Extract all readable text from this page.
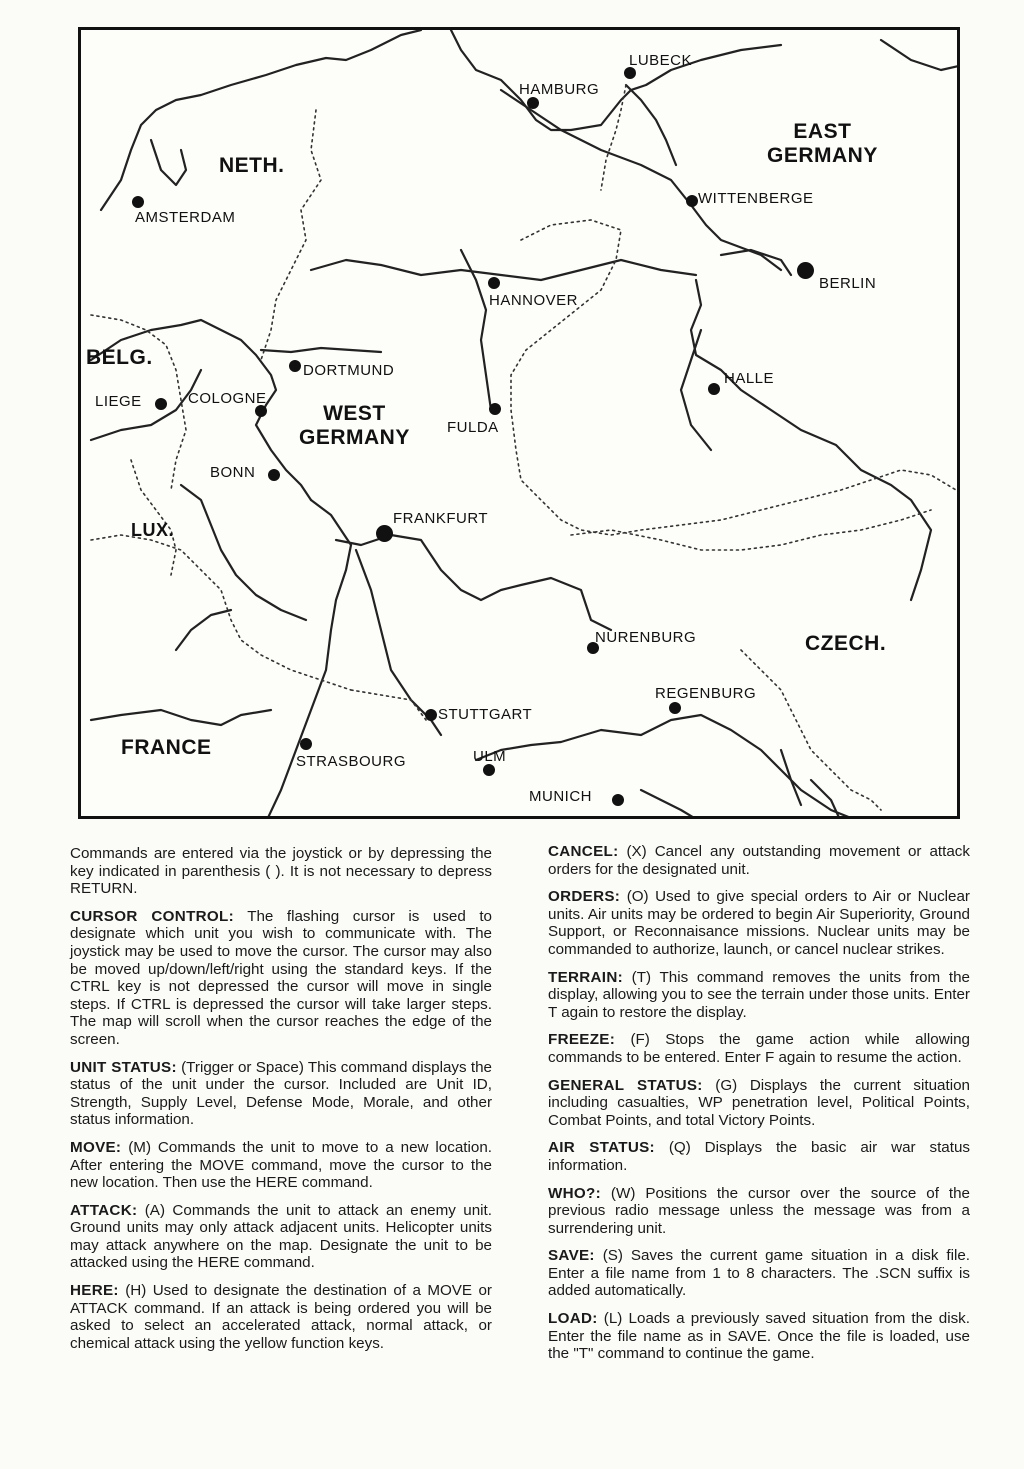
NETH.
EAST
GERMANY
BELG.
WEST
GERMANY
LUX.
CZECH.
FRANCE
LUBECK
HAMBURG
AMSTERDAM
WITTENBERGE
BERLIN
HANNOVER
DORTMUND	HALLE
LIEGE	COLOGNE
FULDA
BONN
FRANKFURT
NURENBURG
REGENBURG
STUTTGART
STRASBOURG	ULM
MUNICH

Commands are entered via the joystick or by depressing the key indicated in parenthesis ( ). It is not necessary to depress RETURN.

CURSOR CONTROL: The flashing cursor is used to designate which unit you wish to communicate with. The joystick may be used to move the cursor. The cursor may also be moved up/down/left/right using the standard keys. If the CTRL key is not depressed the cursor will move in single steps. If CTRL is depressed the cursor will take larger steps. The map will scroll when the cursor reaches the edge of the screen.

UNIT STATUS: (Trigger or Space) This command displays the status of the unit under the cursor. Included are Unit ID, Strength, Supply Level, Defense Mode, Morale, and other status information.

MOVE: (M) Commands the unit to move to a new location. After entering the MOVE command, move the cursor to the new location. Then use the HERE command.

ATTACK: (A) Commands the unit to attack an enemy unit. Ground units may only attack adjacent units. Helicopter units may attack anywhere on the map. Designate the unit to be attacked using the HERE command.

HERE: (H) Used to designate the destination of a MOVE or ATTACK command. If an attack is being ordered you will be asked to select an accelerated attack, normal attack, or chemical attack using the yellow function keys.

CANCEL: (X) Cancel any outstanding movement or attack orders for the designated unit.

ORDERS: (O) Used to give special orders to Air or Nuclear units. Air units may be ordered to begin Air Superiority, Ground Support, or Reconnaisance missions. Nuclear units may be commanded to authorize, launch, or cancel nuclear strikes.

TERRAIN: (T) This command removes the units from the display, allowing you to see the terrain under those units. Enter T again to restore the display.

FREEZE: (F) Stops the game action while allowing commands to be entered. Enter F again to resume the action.

GENERAL STATUS: (G) Displays the current situation including casualties, WP penetration level, Political Points, Combat Points, and total Victory Points.

AIR STATUS: (Q) Displays the basic air war status information.

WHO?: (W) Positions the cursor over the source of the previous radio message unless the message was from a surrendering unit.

SAVE: (S) Saves the current game situation in a disk file. Enter a file name from 1 to 8 characters. The .SCN suffix is added automatically.

LOAD: (L) Loads a previously saved situation from the disk. Enter the file name as in SAVE. Once the file is loaded, use the "T" command to continue the game.
